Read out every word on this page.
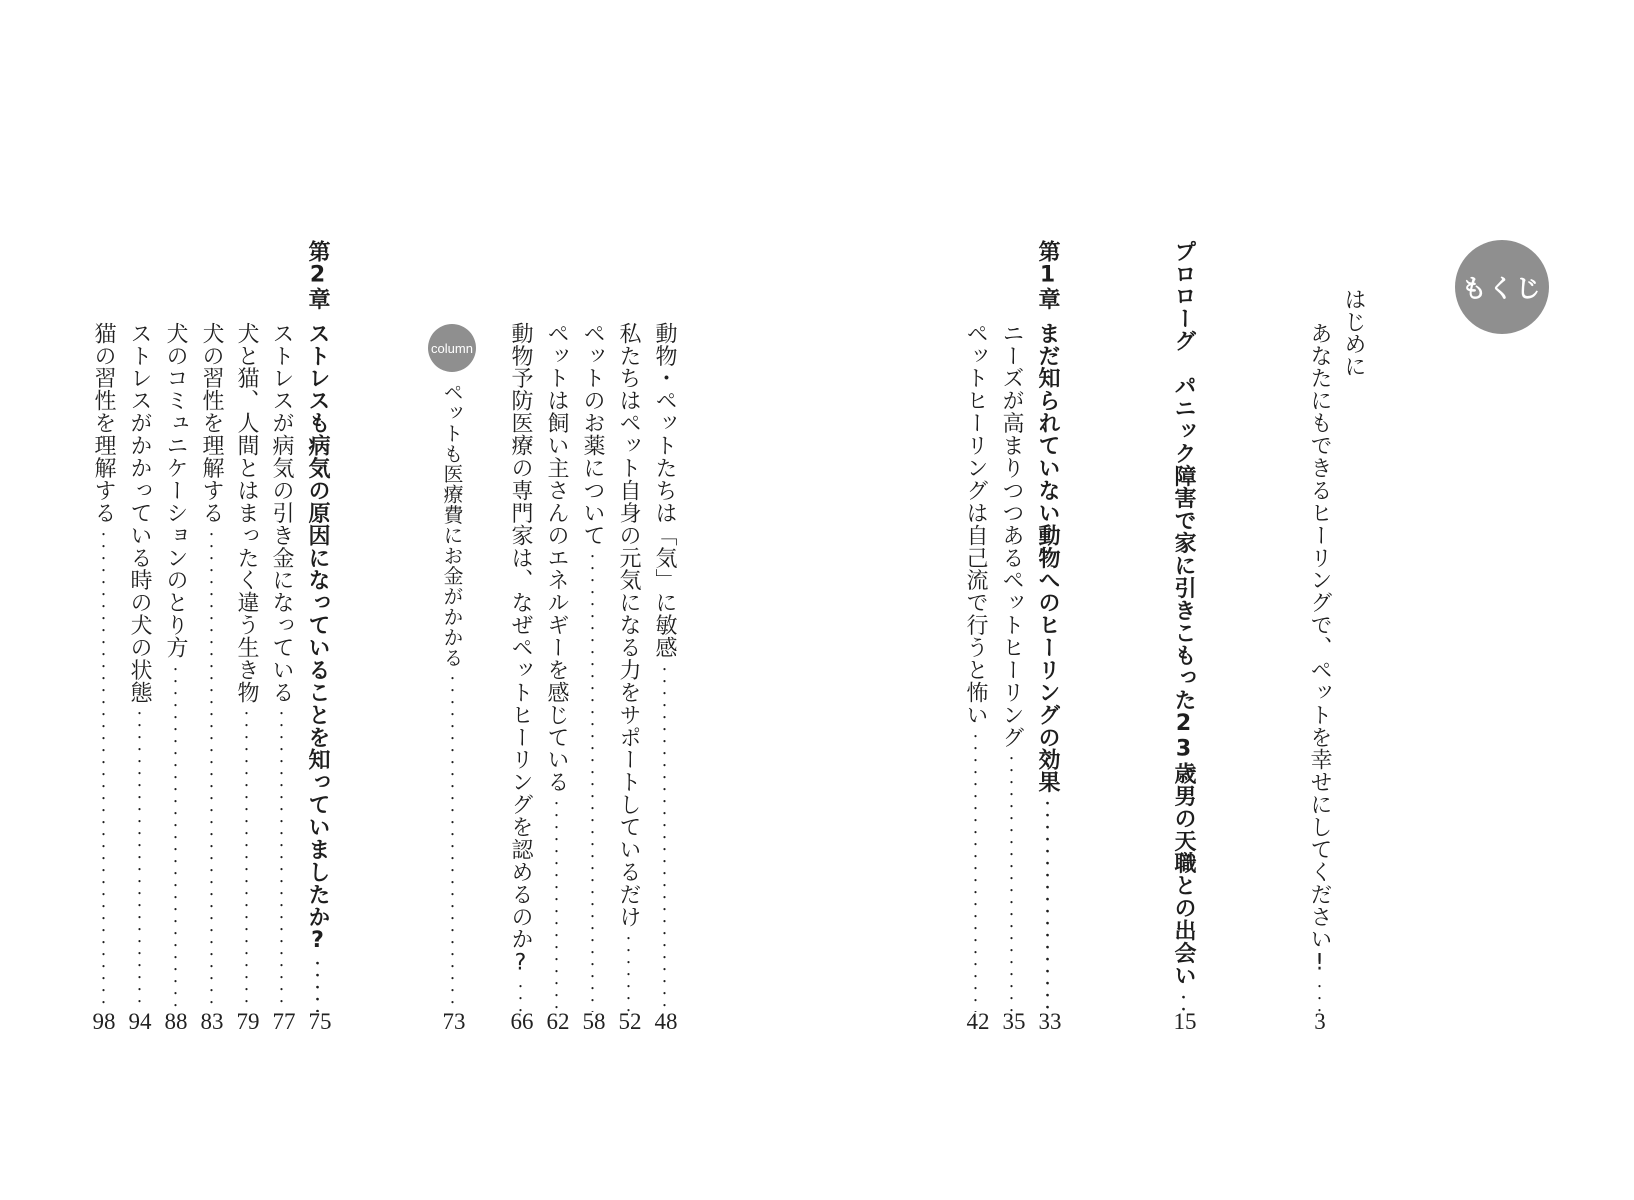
もくじ
はじめに
あなたにもできるヒーリングで、ペットを幸せにしてください!
・・・・・・・・・・・・・・・・・・・・・・・・・・・・・・・・・・・・・・・・・・・・・・・・・・・・・・・・・・・・・・・・・・・・・
3
プロローグ　パニック障害で家に引きこもった23歳男の天職との出会い
・・・・・・・・・・・・・・・・・・・・・・・・・・・・・・・・・・・・・・・・・・・・・・・・・・・・・・・・・・・・・・・・・・・・・
15
第1章
まだ知られていない動物へのヒーリングの効果
・・・・・・・・・・・・・・・・・・・・・・・・・・・・・・・・・・・・・・・・・・・・・・・・・・・・・・・・・・・・・・・・・・・・・
33
ニーズが高まりつつあるペットヒーリング
・・・・・・・・・・・・・・・・・・・・・・・・・・・・・・・・・・・・・・・・・・・・・・・・・・・・・・・・・・・・・・・・・・・・・
35
ペットヒーリングは自己流で行うと怖い
・・・・・・・・・・・・・・・・・・・・・・・・・・・・・・・・・・・・・・・・・・・・・・・・・・・・・・・・・・・・・・・・・・・・・
42
動物・ペットたちは「気」に敏感
・・・・・・・・・・・・・・・・・・・・・・・・・・・・・・・・・・・・・・・・・・・・・・・・・・・・・・・・・・・・・・・・・・・・・
48
私たちはペット自身の元気になる力をサポートしているだけ
・・・・・・・・・・・・・・・・・・・・・・・・・・・・・・・・・・・・・・・・・・・・・・・・・・・・・・・・・・・・・・・・・・・・・
52
ペットのお薬について
・・・・・・・・・・・・・・・・・・・・・・・・・・・・・・・・・・・・・・・・・・・・・・・・・・・・・・・・・・・・・・・・・・・・・
58
ペットは飼い主さんのエネルギーを感じている
・・・・・・・・・・・・・・・・・・・・・・・・・・・・・・・・・・・・・・・・・・・・・・・・・・・・・・・・・・・・・・・・・・・・・
62
動物予防医療の専門家は、なぜペットヒーリングを認めるのか?
・・・・・・・・・・・・・・・・・・・・・・・・・・・・・・・・・・・・・・・・・・・・・・・・・・・・・・・・・・・・・・・・・・・・・
66
column
ペットも医療費にお金がかかる
・・・・・・・・・・・・・・・・・・・・・・・・・・・・・・・・・・・・・・・・・・・・・・・・・・・・・・・・・・・・・・・・・・・・・
73
第2章
ストレスも病気の原因になっていることを知っていましたか?
・・・・・・・・・・・・・・・・・・・・・・・・・・・・・・・・・・・・・・・・・・・・・・・・・・・・・・・・・・・・・・・・・・・・・
75
ストレスが病気の引き金になっている
・・・・・・・・・・・・・・・・・・・・・・・・・・・・・・・・・・・・・・・・・・・・・・・・・・・・・・・・・・・・・・・・・・・・・
77
犬と猫、人間とはまったく違う生き物
・・・・・・・・・・・・・・・・・・・・・・・・・・・・・・・・・・・・・・・・・・・・・・・・・・・・・・・・・・・・・・・・・・・・・
79
犬の習性を理解する
・・・・・・・・・・・・・・・・・・・・・・・・・・・・・・・・・・・・・・・・・・・・・・・・・・・・・・・・・・・・・・・・・・・・・
83
犬のコミュニケーションのとり方
・・・・・・・・・・・・・・・・・・・・・・・・・・・・・・・・・・・・・・・・・・・・・・・・・・・・・・・・・・・・・・・・・・・・・
88
ストレスがかかっている時の犬の状態
・・・・・・・・・・・・・・・・・・・・・・・・・・・・・・・・・・・・・・・・・・・・・・・・・・・・・・・・・・・・・・・・・・・・・
94
猫の習性を理解する
・・・・・・・・・・・・・・・・・・・・・・・・・・・・・・・・・・・・・・・・・・・・・・・・・・・・・・・・・・・・・・・・・・・・・
98
